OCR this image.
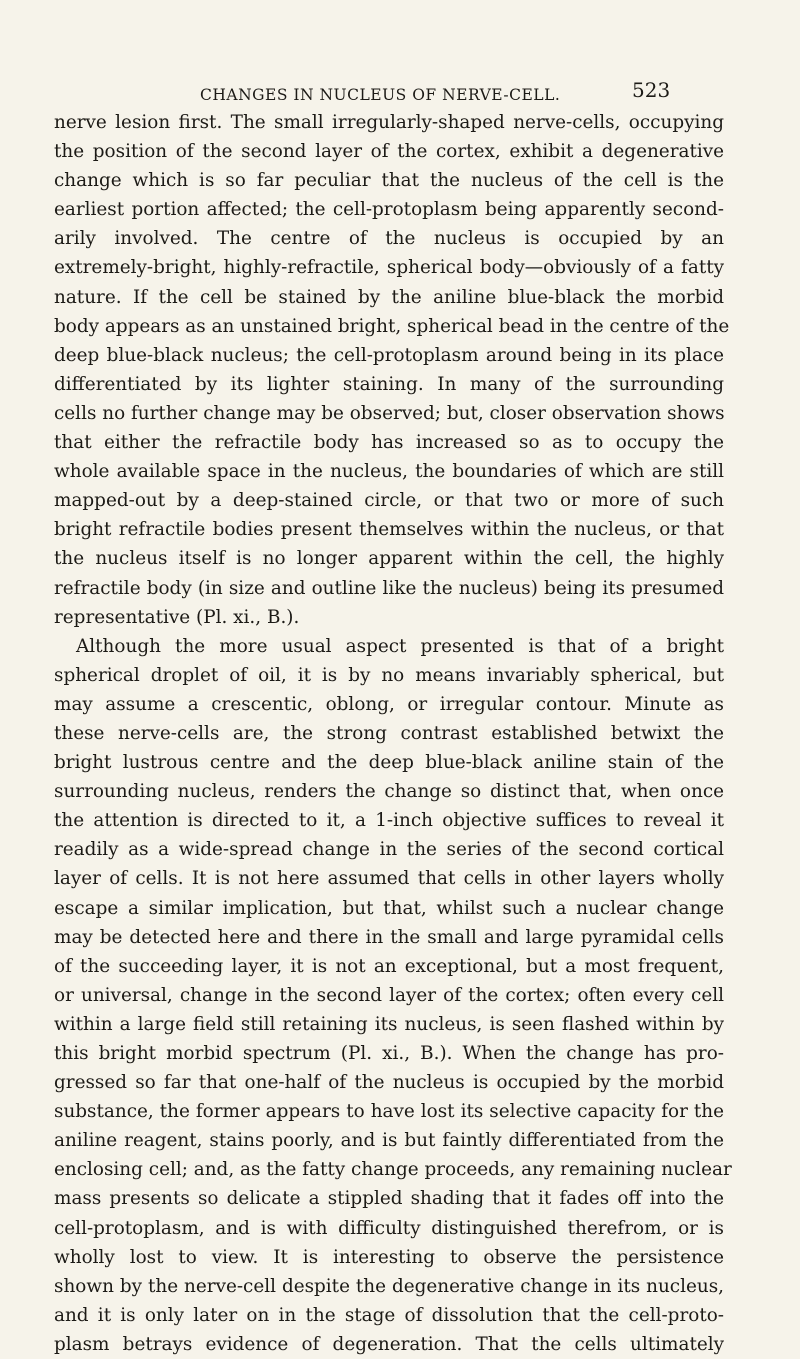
CHANGES IN NUCLEUS OF NERVE-CELL.	523
nerve lesion first. The small irregularly-shaped nerve-cells, occupying
the position of the second layer of the cortex, exhibit a degenerative
change which is so far peculiar that the nucleus of the cell is the
earliest portion affected; the cell-protoplasm being apparently second-
arily involved. The centre of the nucleus is occupied by an
extremely-bright, highly-refractile, spherical body—obviously of a fatty
nature. If the cell be stained by the aniline blue-black the morbid
body appears as an unstained bright, spherical bead in the centre of the
deep blue-black nucleus; the cell-protoplasm around being in its place
differentiated by its lighter staining. In many of the surrounding
cells no further change may be observed; but, closer observation shows
that either the refractile body has increased so as to occupy the
whole available space in the nucleus, the boundaries of which are still
mapped-out by a deep-stained circle, or that two or more of such
bright refractile bodies present themselves within the nucleus, or that
the nucleus itself is no longer apparent within the cell, the highly
refractile body (in size and outline like the nucleus) being its presumed
representative (Pl. xi., B.).
Although the more usual aspect presented is that of a bright
spherical droplet of oil, it is by no means invariably spherical, but
may assume a crescentic, oblong, or irregular contour. Minute as
these nerve-cells are, the strong contrast established betwixt the
bright lustrous centre and the deep blue-black aniline stain of the
surrounding nucleus, renders the change so distinct that, when once
the attention is directed to it, a 1-inch objective suffices to reveal it
readily as a wide-spread change in the series of the second cortical
layer of cells. It is not here assumed that cells in other layers wholly
escape a similar implication, but that, whilst such a nuclear change
may be detected here and there in the small and large pyramidal cells
of the succeeding layer, it is not an exceptional, but a most frequent,
or universal, change in the second layer of the cortex; often every cell
within a large field still retaining its nucleus, is seen flashed within by
this bright morbid spectrum (Pl. xi., B.). When the change has pro-
gressed so far that one-half of the nucleus is occupied by the morbid
substance, the former appears to have lost its selective capacity for the
aniline reagent, stains poorly, and is but faintly differentiated from the
enclosing cell; and, as the fatty change proceeds, any remaining nuclear
mass presents so delicate a stippled shading that it fades off into the
cell-protoplasm, and is with difficulty distinguished therefrom, or is
wholly lost to view. It is interesting to observe the persistence
shown by the nerve-cell despite the degenerative change in its nucleus,
and it is only later on in the stage of dissolution that the cell-proto-
plasm betrays evidence of degeneration. That the cells ultimately
